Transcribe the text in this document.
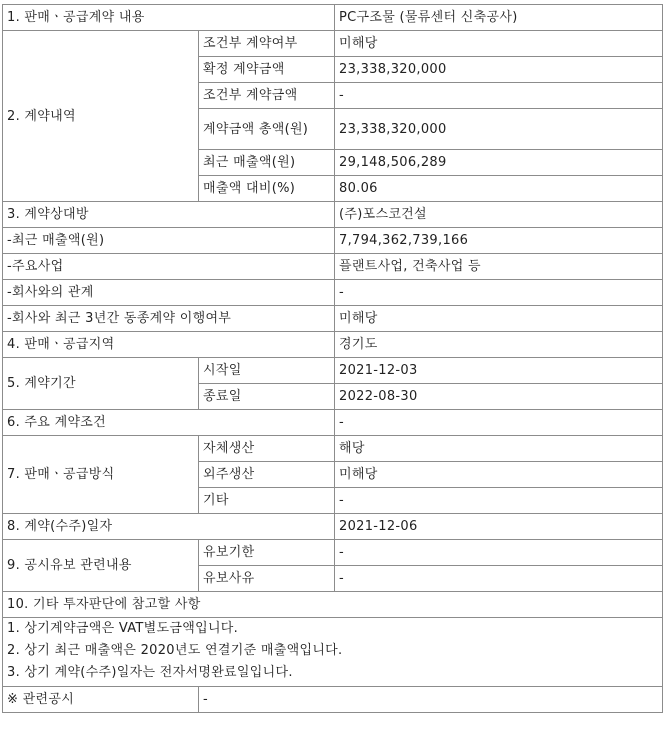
1. 판매ㆍ공급계약 내용		PC구조물 (물류센터 신축공사)
2. 계약내역	조건부 계약여부	미해당
	확정 계약금액	23,338,320,000
	조건부 계약금액	-
	계약금액 총액(원)	23,338,320,000
	최근 매출액(원)	29,148,506,289
	매출액 대비(%)	80.06
3. 계약상대방		(주)포스코건설
-최근 매출액(원)		7,794,362,739,166
-주요사업		플랜트사업, 건축사업 등
-회사와의 관계		-
-회사와 최근 3년간 동종계약 이행여부		미해당
4. 판매ㆍ공급지역		경기도
5. 계약기간	시작일	2021-12-03
	종료일	2022-08-30
6. 주요 계약조건		-
7. 판매ㆍ공급방식	자체생산	해당
	외주생산	미해당
	기타	-
8. 계약(수주)일자		2021-12-06
9. 공시유보 관련내용	유보기한	-
	유보사유	-
10. 기타 투자판단에 참고할 사항		

1. 상기계약금액은 VAT별도금액입니다.
2. 상기 최근 매출액은 2020년도 연결기준 매출액입니다.
3. 상기 계약(수주)일자는 전자서명완료일입니다.		

※ 관련공시	-	
